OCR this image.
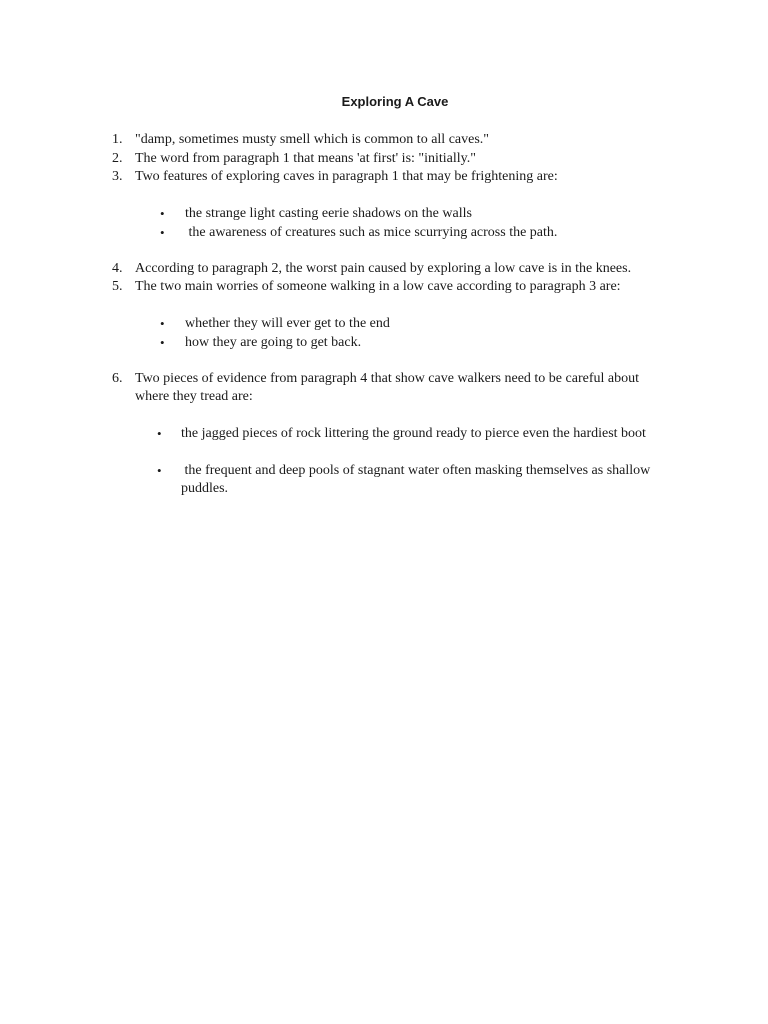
Exploring A Cave
1. "damp, sometimes musty smell which is common to all caves."
2. The word from paragraph 1 that means 'at first' is: "initially."
3. Two features of exploring caves in paragraph 1 that may be frightening are:
• the strange light casting eerie shadows on the walls
• the awareness of creatures such as mice scurrying across the path.
4. According to paragraph 2, the worst pain caused by exploring a low cave is in the knees.
5. The two main worries of someone walking in a low cave according to paragraph 3 are:
• whether they will ever get to the end
• how they are going to get back.
6. Two pieces of evidence from paragraph 4 that show cave walkers need to be careful about where they tread are:
• the jagged pieces of rock littering the ground ready to pierce even the hardiest boot
• the frequent and deep pools of stagnant water often masking themselves as shallow puddles.
